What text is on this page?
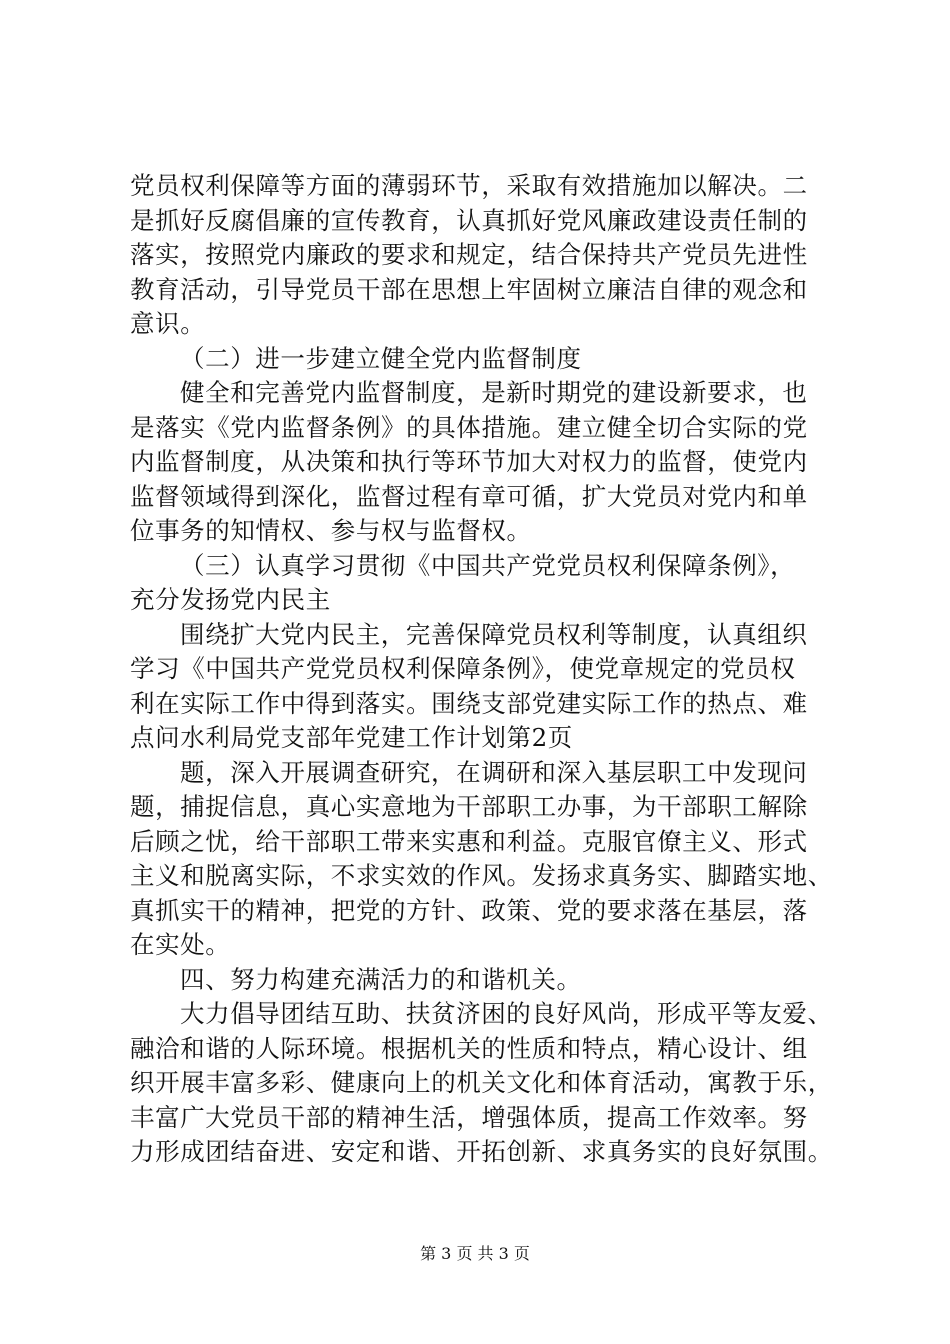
党员权利保障等方面的薄弱环节，采取有效措施加以解决。二
是抓好反腐倡廉的宣传教育，认真抓好党风廉政建设责任制的
落实，按照党内廉政的要求和规定，结合保持共产党员先进性
教育活动，引导党员干部在思想上牢固树立廉洁自律的观念和
意识。
（二）进一步建立健全党内监督制度
健全和完善党内监督制度，是新时期党的建设新要求，也
是落实《党内监督条例》的具体措施。建立健全切合实际的党
内监督制度，从决策和执行等环节加大对权力的监督，使党内
监督领域得到深化，监督过程有章可循，扩大党员对党内和单
位事务的知情权、参与权与监督权。
（三）认真学习贯彻《中国共产党党员权利保障条例》，
充分发扬党内民主
围绕扩大党内民主，完善保障党员权利等制度，认真组织
学习《中国共产党党员权利保障条例》，使党章规定的党员权
利在实际工作中得到落实。围绕支部党建实际工作的热点、难
点问水利局党支部年党建工作计划第2页
题，深入开展调查研究，在调研和深入基层职工中发现问
题，捕捉信息，真心实意地为干部职工办事，为干部职工解除
后顾之忧，给干部职工带来实惠和利益。克服官僚主义、形式
主义和脱离实际，不求实效的作风。发扬求真务实、脚踏实地、
真抓实干的精神，把党的方针、政策、党的要求落在基层，落
在实处。
四、努力构建充满活力的和谐机关。
大力倡导团结互助、扶贫济困的良好风尚，形成平等友爱、
融洽和谐的人际环境。根据机关的性质和特点，精心设计、组
织开展丰富多彩、健康向上的机关文化和体育活动，寓教于乐，
丰富广大党员干部的精神生活，增强体质，提高工作效率。努
力形成团结奋进、安定和谐、开拓创新、求真务实的良好氛围。
第 3 页 共 3 页
